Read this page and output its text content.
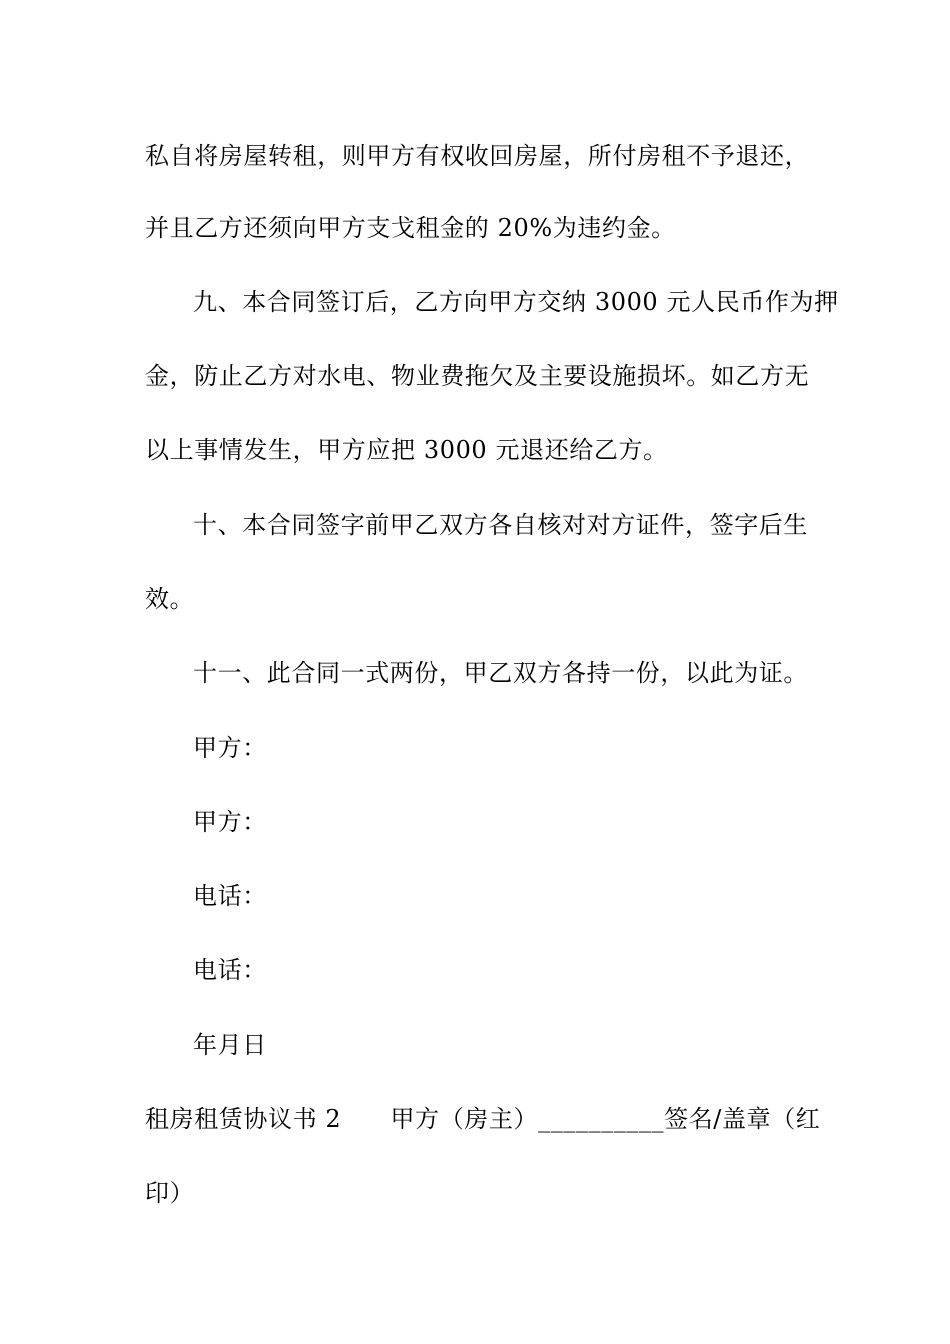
私自将房屋转租，则甲方有权收回房屋，所付房租不予退还，
并且乙方还须向甲方支戈租金的 20%为违约金。
九、本合同签订后，乙方向甲方交纳 3000 元人民币作为押
金，防止乙方对水电、物业费拖欠及主要设施损坏。如乙方无
以上事情发生，甲方应把 3000 元退还给乙方。
十、本合同签字前甲乙双方各自核对对方证件，签字后生
效。
十一、此合同一式两份，甲乙双方各持一份，以此为证。
甲方：
甲方：
电话：
电话：
年月日
租房租赁协议书 2　　甲方（房主）__________签名/盖章（红
印）
